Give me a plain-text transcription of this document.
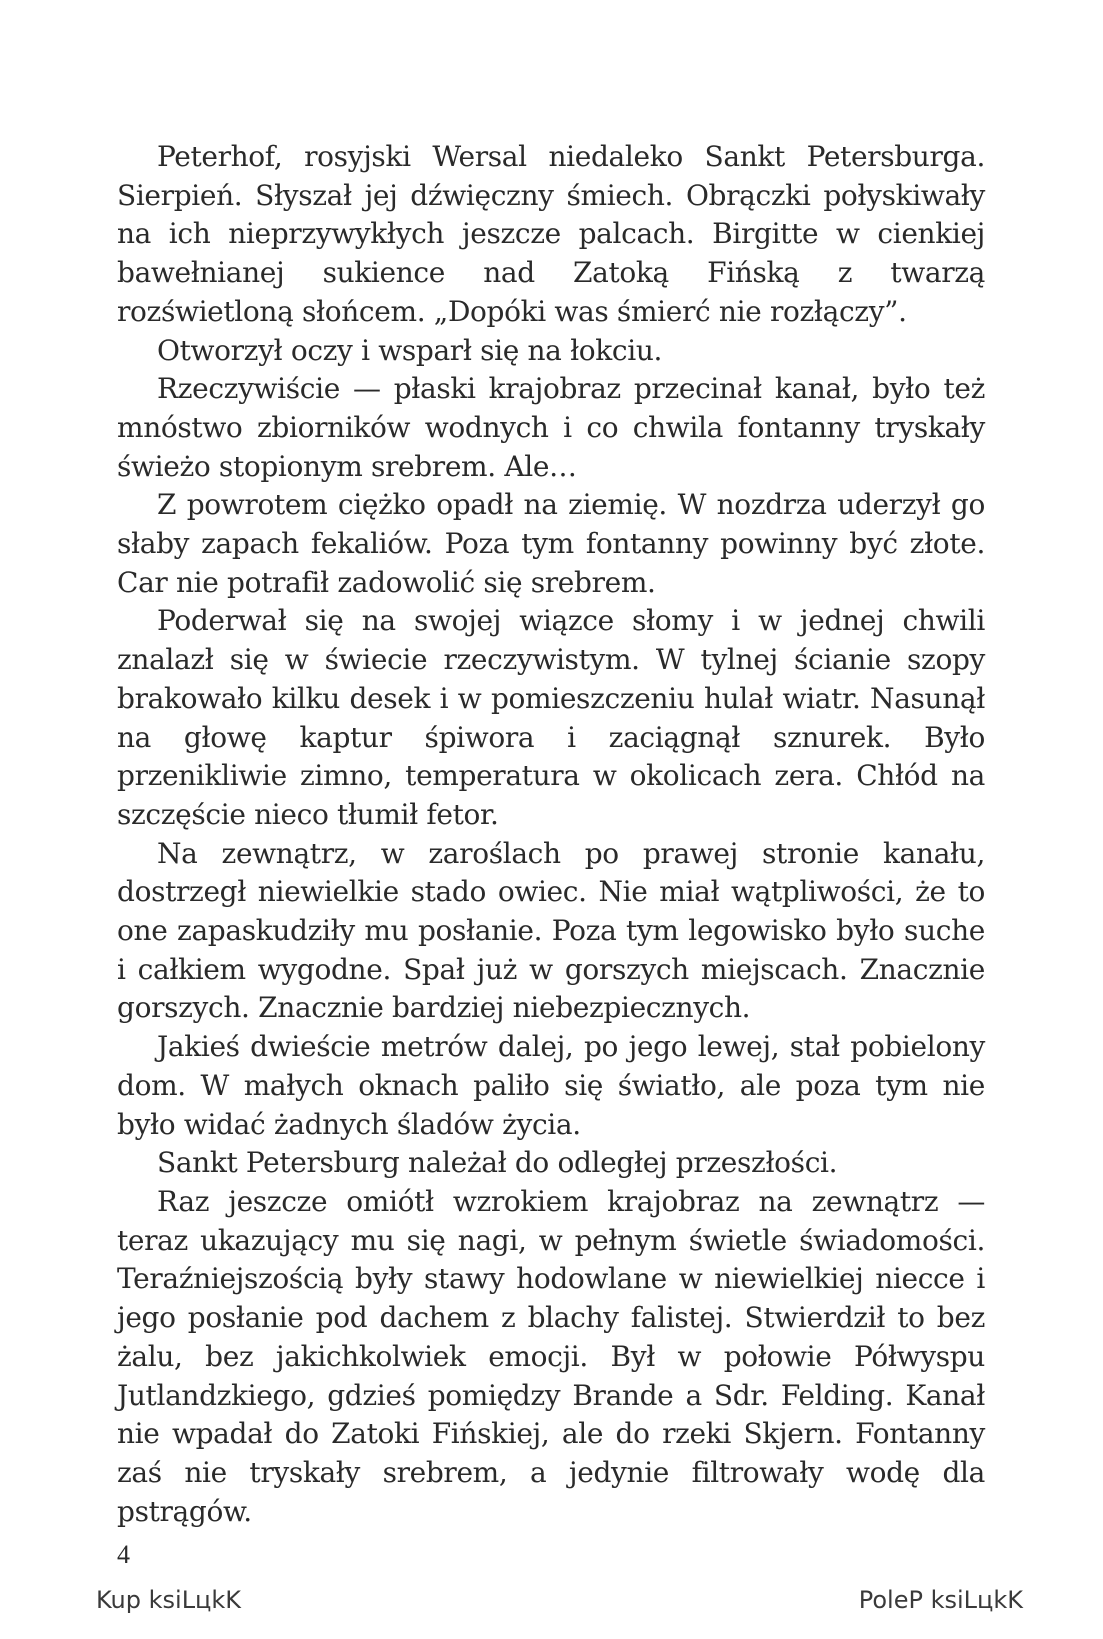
Peterhof, rosyjski Wersal niedaleko Sankt Petersburga. Sierpień. Słyszał jej dźwięczny śmiech. Obrączki połyskiwały na ich nieprzywykłych jeszcze palcach. Birgitte w cienkiej bawełnianej sukience nad Zatoką Fińską z twarzą rozświetloną słońcem. „Dopóki was śmierć nie rozłączy”.

Otworzył oczy i wsparł się na łokciu.

Rzeczywiście — płaski krajobraz przecinał kanał, było też mnóstwo zbiorników wodnych i co chwila fontanny tryskały świeżo stopionym srebrem. Ale…

Z powrotem ciężko opadł na ziemię. W nozdrza uderzył go słaby zapach fekaliów. Poza tym fontanny powinny być złote. Car nie potrafił zadowolić się srebrem.

Poderwał się na swojej wiązce słomy i w jednej chwili znalazł się w świecie rzeczywistym. W tylnej ścianie szopy brakowało kilku desek i w pomieszczeniu hulał wiatr. Nasunął na głowę kaptur śpiwora i zaciągnął sznurek. Było przenikliwie zimno, temperatura w okolicach zera. Chłód na szczęście nieco tłumił fetor.

Na zewnątrz, w zaroślach po prawej stronie kanału, dostrzegł niewielkie stado owiec. Nie miał wątpliwości, że to one zapaskudziły mu posłanie. Poza tym legowisko było suche i całkiem wygodne. Spał już w gorszych miejscach. Znacznie gorszych. Znacznie bardziej niebezpiecznych.

Jakieś dwieście metrów dalej, po jego lewej, stał pobielony dom. W małych oknach paliło się światło, ale poza tym nie było widać żadnych śladów życia.

Sankt Petersburg należał do odległej przeszłości.

Raz jeszcze omiótł wzrokiem krajobraz na zewnątrz — teraz ukazujący mu się nagi, w pełnym świetle świadomości. Teraźniejszością były stawy hodowlane w niewielkiej niecce i jego posłanie pod dachem z blachy falistej. Stwierdził to bez żalu, bez jakichkolwiek emocji. Był w połowie Półwyspu Jutlandzkiego, gdzieś pomiędzy Brande a Sdr. Felding. Kanał nie wpadał do Zatoki Fińskiej, ale do rzeki Skjern. Fontanny zaś nie tryskały srebrem, a jedynie filtrowały wodę dla pstrągów.

4
Kup ksiLцkK	PoleP ksiLцkK
